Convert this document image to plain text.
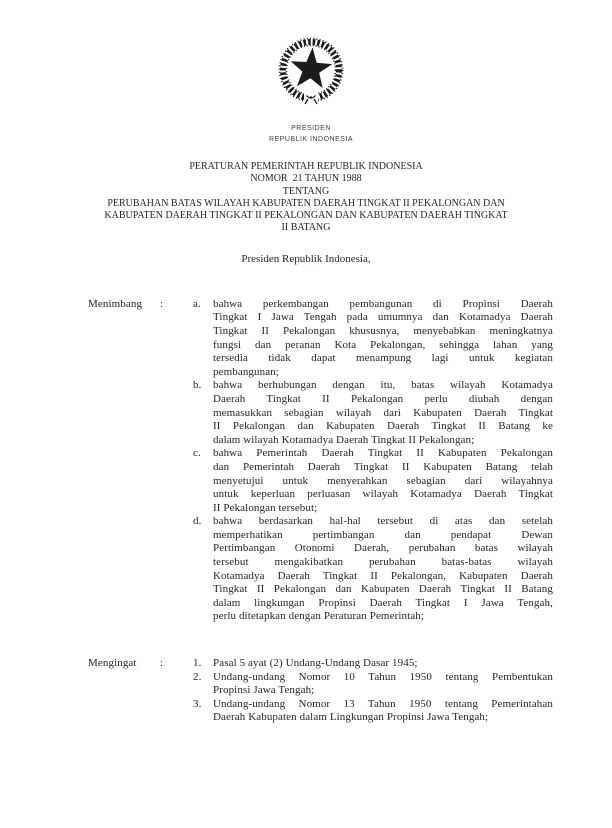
PRESIDEN
REPUBLIK INDONESIA
PERATURAN PEMERINTAH REPUBLIK INDONESIA
NOMOR  21 TAHUN 1988
TENTANG
PERUBAHAN BATAS WILAYAH KABUPATEN DAERAH TINGKAT II PEKALONGAN DAN
KABUPATEN DAERAH TINGKAT II PEKALONGAN DAN KABUPATEN DAERAH TINGKAT
II BATANG
Presiden Republik Indonesia,
Menimbang	:	a.	bahwa perkembangan pembangunan di Propinsi Daerah
Tingkat I Jawa Tengah pada umumnya dan Kotamadya Daerah
Tingkat II Pekalongan khususnya, menyebabkan meningkatnya
fungsi dan peranan Kota Pekalongan, sehingga lahan yang
tersedia tidak dapat menampung lagi untuk kegiatan
pembangunan;
b.	bahwa berhubungan dengan itu, batas wilayah Kotamadya
Daerah Tingkat II Pekalongan perlu diubah dengan
memasukkan sebagian wilayah dari Kabupaten Daerah Tingkat
II Pekalongan dan Kabupaten Daerah Tingkat II Batang ke
dalam wilayah Kotamadya Daerah Tingkat II Pekalongan;
c.	bahwa Pemerintah Daerah Tingkat II Kabupaten Pekalongan
dan Pemerintah Daerah Tingkat II Kabupaten Batang telah
menyetujui untuk menyerahkan sebagian dari wilayahnya
untuk keperluan perluasan wilayah Kotamadya Daerah Tingkat
II Pekalongan tersebut;
d.	bahwa berdasarkan hal-hal tersebut di atas dan setelah
memperhatikan pertimbangan dan pendapat Dewan
Pertimbangan Otonomi Daerah, perubahan batas wilayah
tersebut mengakibatkan perubahan batas-batas wilayah
Kotamadya Daerah Tingkat II Pekalongan, Kabupaten Daerah
Tingkat II Pekalongan dan Kabupaten Daerah Tingkat II Batang
dalam lingkungan Propinsi Daerah Tingkat I Jawa Tengah,
perlu ditetapkan dengan Peraturan Pemerintah;
Mengingat	:	1.	Pasal 5 ayat (2) Undang-Undang Dasar 1945;
2.	Undang-undang Nomor 10 Tahun 1950 tentang Pembentukan
Propinsi Jawa Tengah;
3.	Undang-undang Nomor 13 Tahun 1950 tentang Pemerintahan
Daerah Kabupaten dalam Lingkungan Propinsi Jawa Tengah;
